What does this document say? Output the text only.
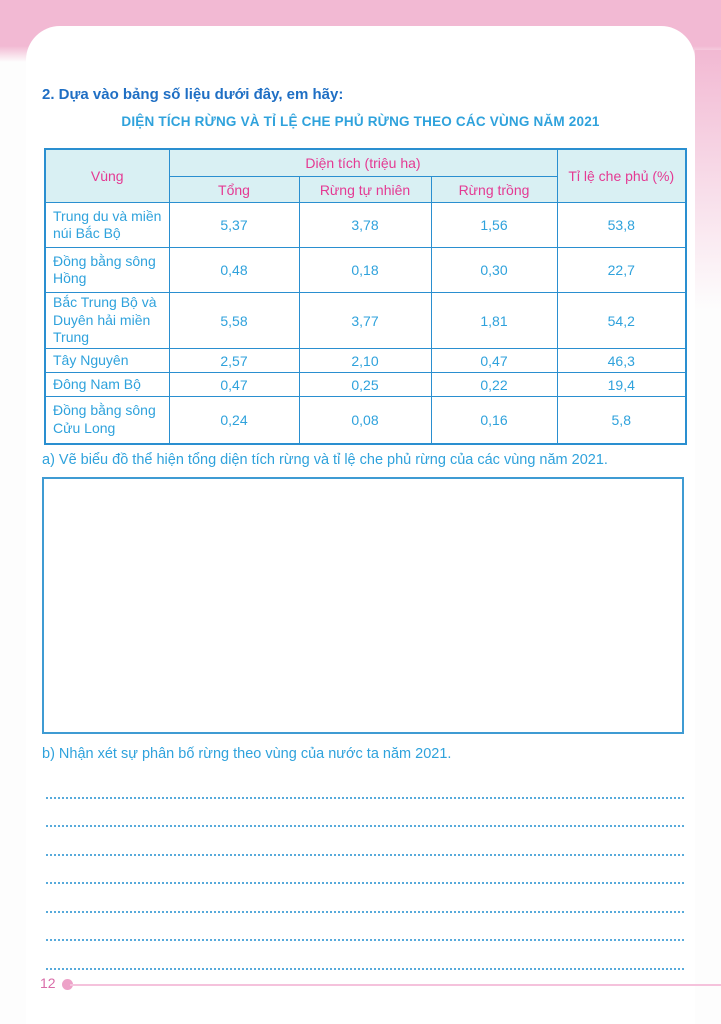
2. Dựa vào bảng số liệu dưới đây, em hãy:
DIỆN TÍCH RỪNG VÀ TỈ LỆ CHE PHỦ RỪNG THEO CÁC VÙNG NĂM 2021
Vùng	Diện tích (triệu ha)			Tỉ lệ che phủ (%)
	Tổng	Rừng tự nhiên	Rừng trồng	
Trung du và miền núi Bắc Bộ	5,37	3,78	1,56	53,8
Đồng bằng sông Hồng	0,48	0,18	0,30	22,7
Bắc Trung Bộ và Duyên hải miền Trung	5,58	3,77	1,81	54,2
Tây Nguyên	2,57	2,10	0,47	46,3
Đông Nam Bộ	0,47	0,25	0,22	19,4
Đồng bằng sông Cửu Long	0,24	0,08	0,16	5,8
a) Vẽ biểu đồ thể hiện tổng diện tích rừng và tỉ lệ che phủ rừng của các vùng năm 2021.
b) Nhận xét sự phân bố rừng theo vùng của nước ta năm 2021.
12
